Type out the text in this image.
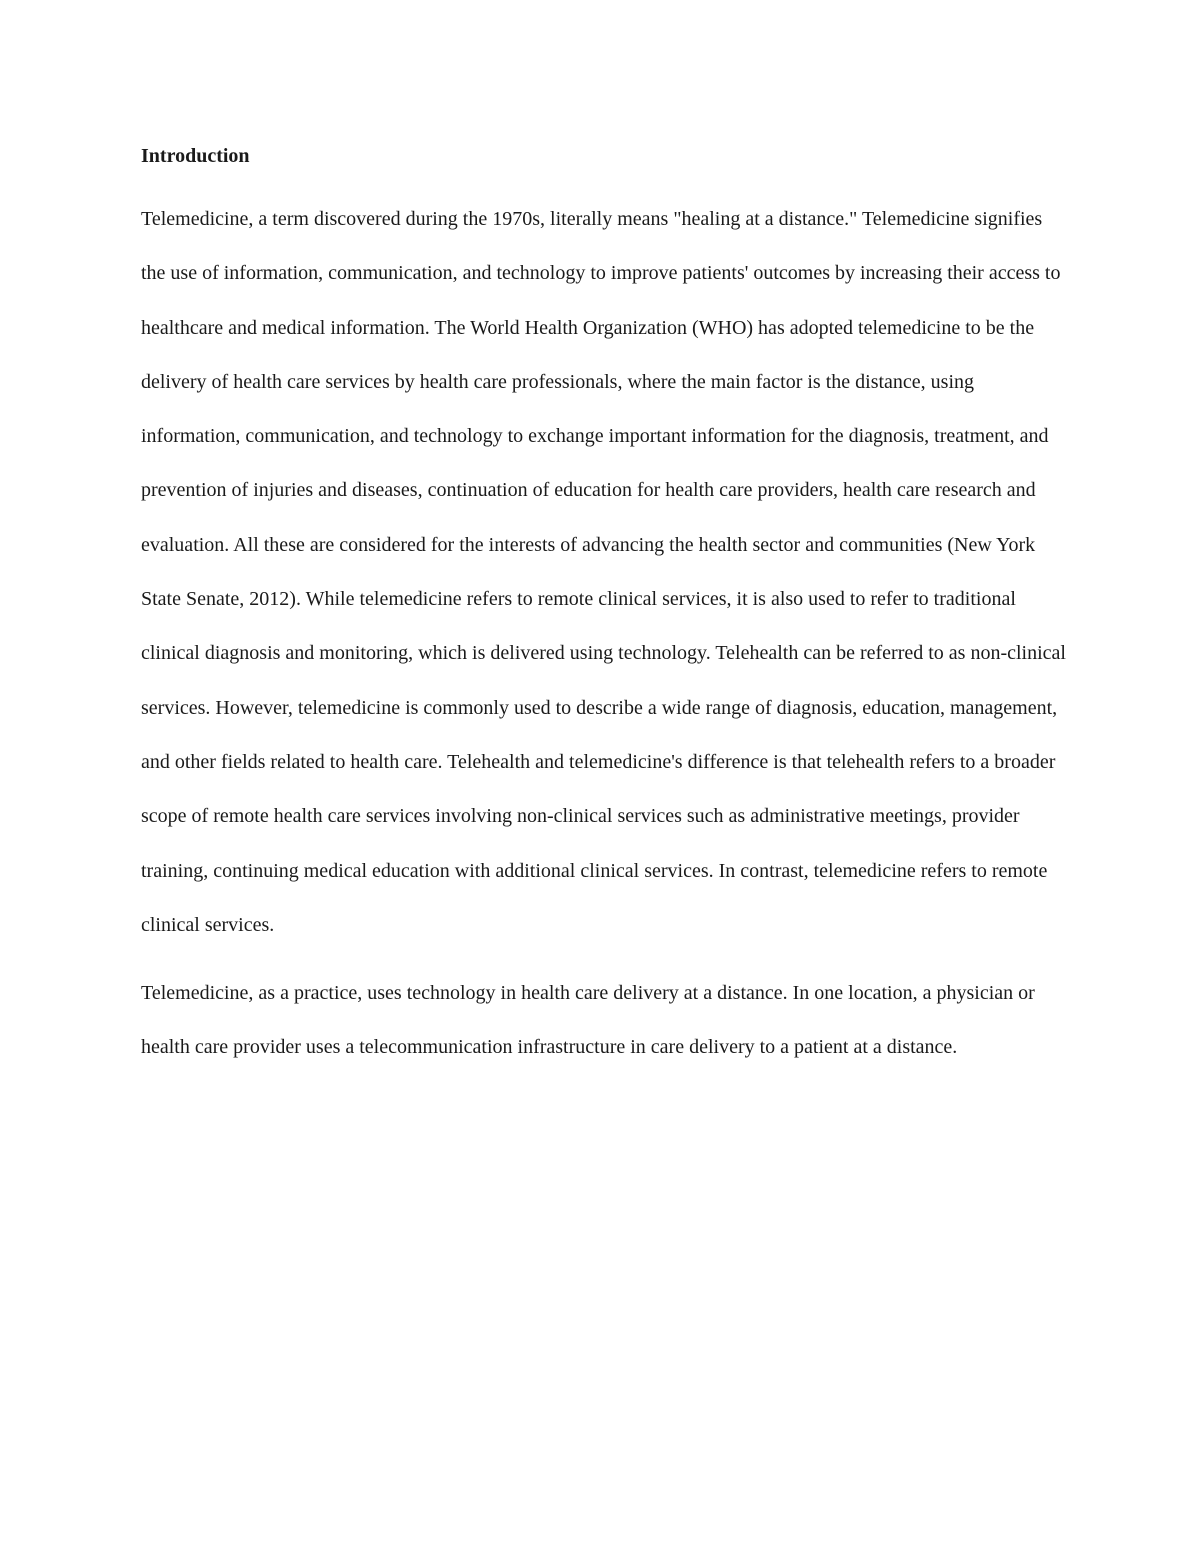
Introduction

Telemedicine, a term discovered during the 1970s, literally means "healing at a distance." Telemedicine signifies the use of information, communication, and technology to improve patients' outcomes by increasing their access to healthcare and medical information. The World Health Organization (WHO) has adopted telemedicine to be the delivery of health care services by health care professionals, where the main factor is the distance, using information, communication, and technology to exchange important information for the diagnosis, treatment, and prevention of injuries and diseases, continuation of education for health care providers, health care research and evaluation. All these are considered for the interests of advancing the health sector and communities (New York State Senate, 2012). While telemedicine refers to remote clinical services, it is also used to refer to traditional clinical diagnosis and monitoring, which is delivered using technology. Telehealth can be referred to as non-clinical services. However, telemedicine is commonly used to describe a wide range of diagnosis, education, management, and other fields related to health care. Telehealth and telemedicine's difference is that telehealth refers to a broader scope of remote health care services involving non-clinical services such as administrative meetings, provider training, continuing medical education with additional clinical services. In contrast, telemedicine refers to remote clinical services.

Telemedicine, as a practice, uses technology in health care delivery at a distance. In one location, a physician or health care provider uses a telecommunication infrastructure in care delivery to a patient at a distance.
